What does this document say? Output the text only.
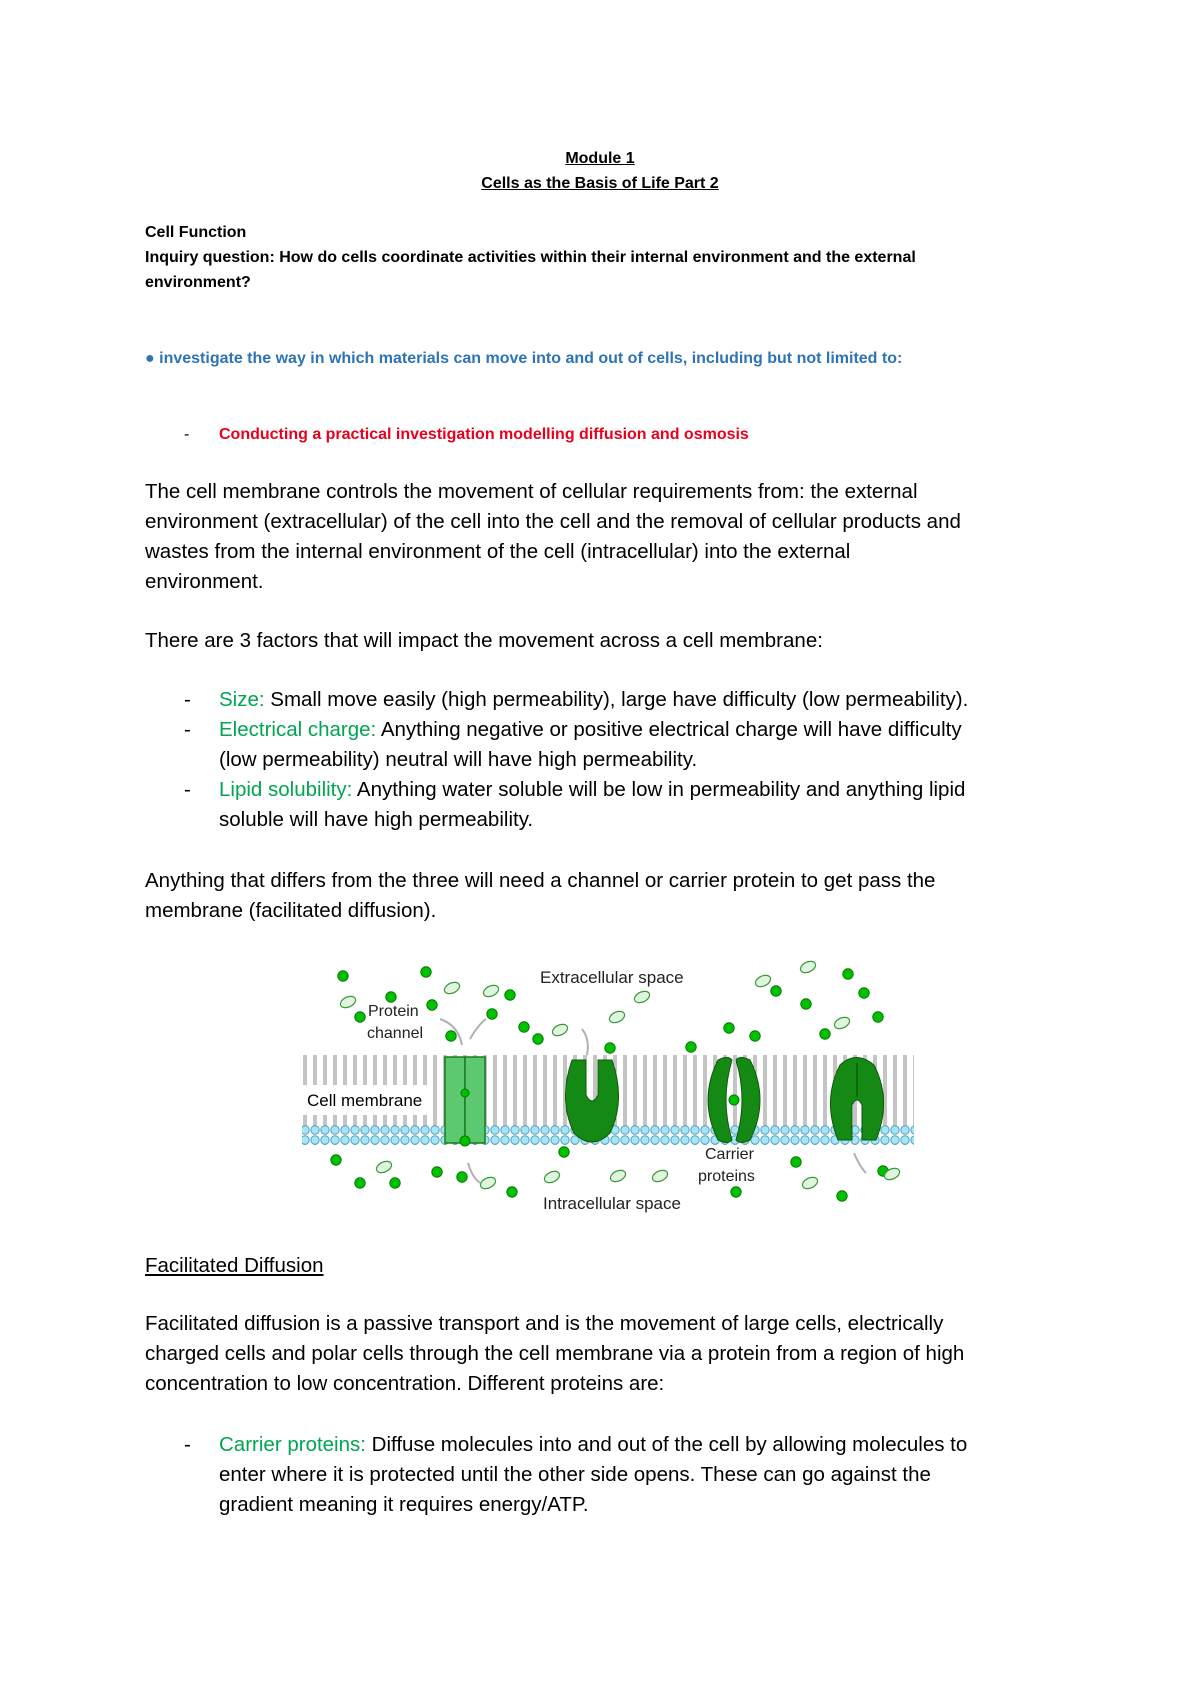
Module 1
Cells as the Basis of Life Part 2
Cell Function
Inquiry question: How do cells coordinate activities within their internal environment and the external
environment?
● investigate the way in which materials can move into and out of cells, including but not limited to:
- Conducting a practical investigation modelling diffusion and osmosis
The cell membrane controls the movement of cellular requirements from: the external
environment (extracellular) of the cell into the cell and the removal of cellular products and
wastes from the internal environment of the cell (intracellular) into the external
environment.
There are 3 factors that will impact the movement across a cell membrane:
- Size: Small move easily (high permeability), large have difficulty (low permeability).
- Electrical charge: Anything negative or positive electrical charge will have difficulty
(low permeability) neutral will have high permeability.
- Lipid solubility: Anything water soluble will be low in permeability and anything lipid
soluble will have high permeability.
Anything that differs from the three will need a channel or carrier protein to get pass the
membrane (facilitated diffusion).
Cell membrane
Extracellular space
Protein
channel
Carrier
proteins
Intracellular space
Facilitated Diffusion
Facilitated diffusion is a passive transport and is the movement of large cells, electrically
charged cells and polar cells through the cell membrane via a protein from a region of high
concentration to low concentration. Different proteins are:
- Carrier proteins: Diffuse molecules into and out of the cell by allowing molecules to
enter where it is protected until the other side opens. These can go against the
gradient meaning it requires energy/ATP.
